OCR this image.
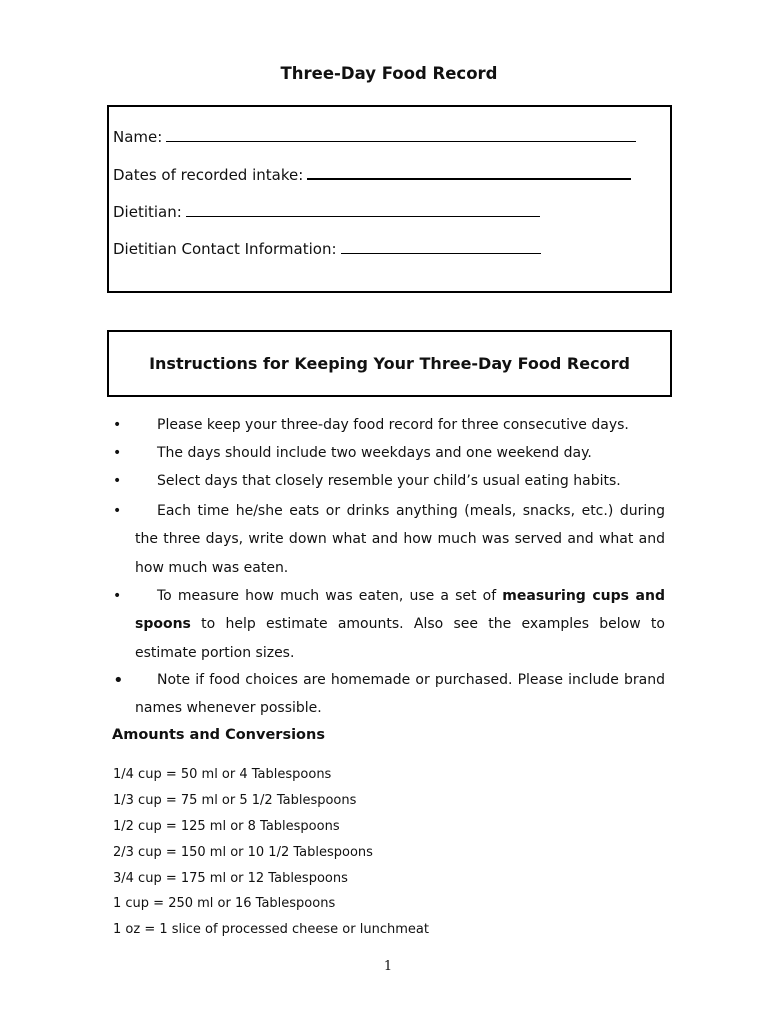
Three-Day Food Record
Name:
Dates of recorded intake:
Dietitian:
Dietitian Contact Information:
Instructions for Keeping Your Three-Day Food Record
•	Please keep your three-day food record for three consecutive days.
•	The days should include two weekdays and one weekend day.
•	Select days that closely resemble your child’s usual eating habits.
•	Each time he/she eats or drinks anything (meals, snacks, etc.) during the three days, write down what and how much was served and what and how much was eaten.
•	To measure how much was eaten, use a set of measuring cups and spoons to help estimate amounts. Also see the examples below to estimate portion sizes.
•	Note if food choices are homemade or purchased. Please include brand names whenever possible.
Amounts and Conversions
1/4 cup = 50 ml or 4 Tablespoons
1/3 cup = 75 ml or 5 1/2 Tablespoons
1/2 cup = 125 ml or 8 Tablespoons
2/3 cup = 150 ml or 10 1/2 Tablespoons
3/4 cup = 175 ml or 12 Tablespoons
1 cup = 250 ml or 16 Tablespoons
1 oz = 1 slice of processed cheese or lunchmeat
1
